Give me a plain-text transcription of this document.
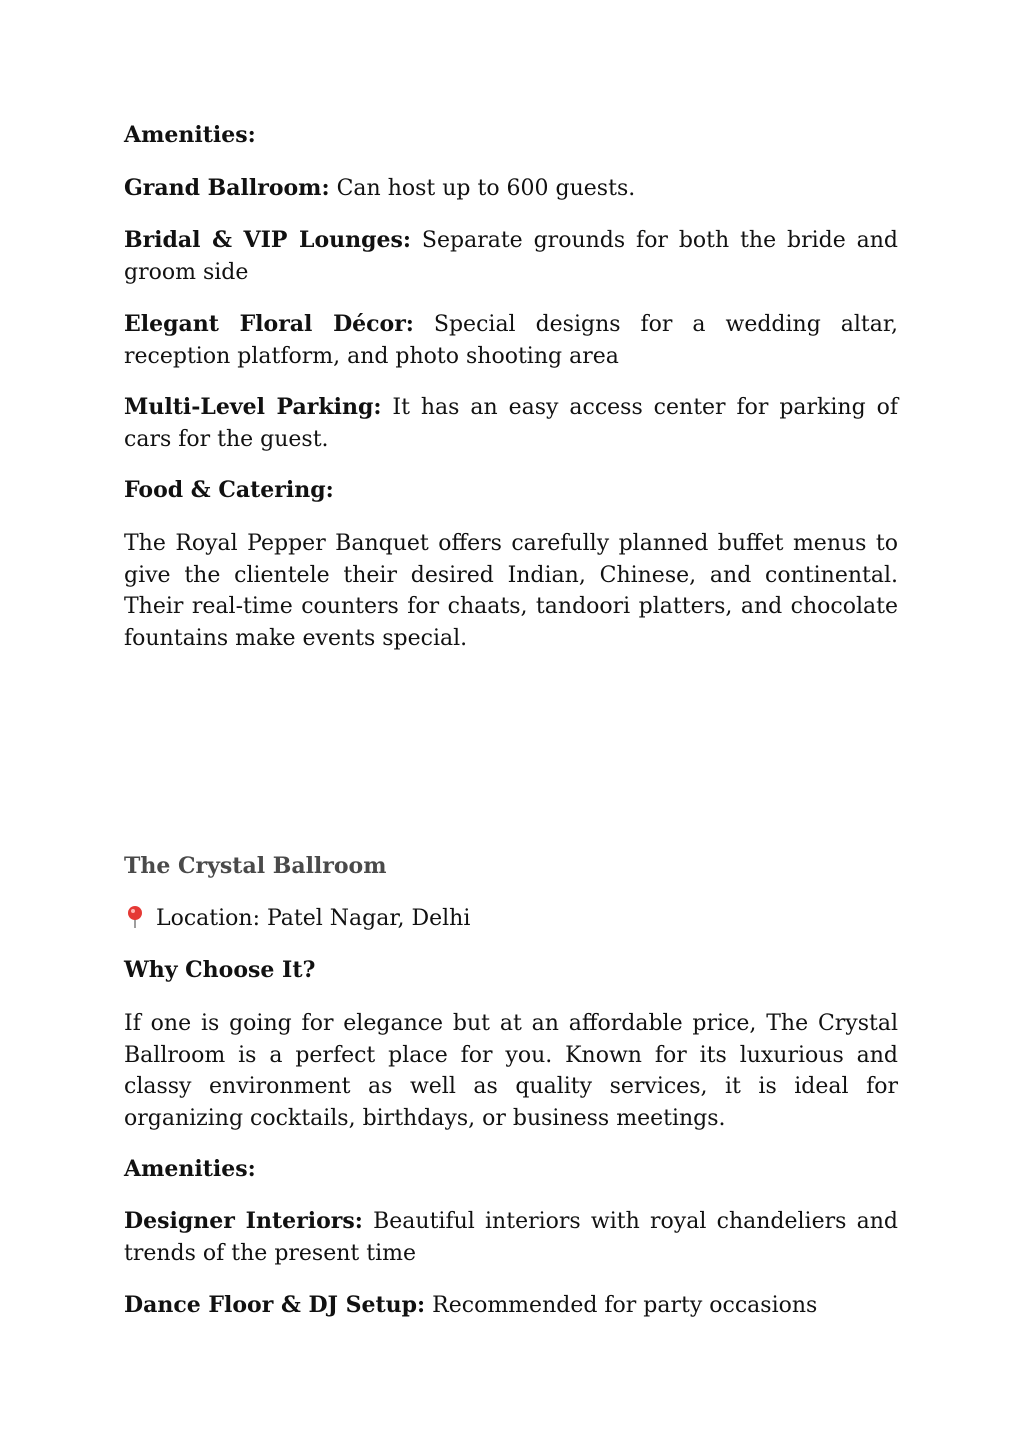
Amenities:

Grand Ballroom: Can host up to 600 guests.

Bridal & VIP Lounges: Separate grounds for both the bride and groom side

Elegant Floral Décor: Special designs for a wedding altar, reception platform, and photo shooting area

Multi-Level Parking: It has an easy access center for parking of cars for the guest.

Food & Catering:

The Royal Pepper Banquet offers carefully planned buffet menus to give the clientele their desired Indian, Chinese, and continental. Their real-time counters for chaats, tandoori platters, and chocolate fountains make events special.

The Crystal Ballroom

Location: Patel Nagar, Delhi

Why Choose It?

If one is going for elegance but at an affordable price, The Crystal Ballroom is a perfect place for you. Known for its luxurious and classy environment as well as quality services, it is ideal for organizing cocktails, birthdays, or business meetings.

Amenities:

Designer Interiors: Beautiful interiors with royal chandeliers and trends of the present time

Dance Floor & DJ Setup: Recommended for party occasions
